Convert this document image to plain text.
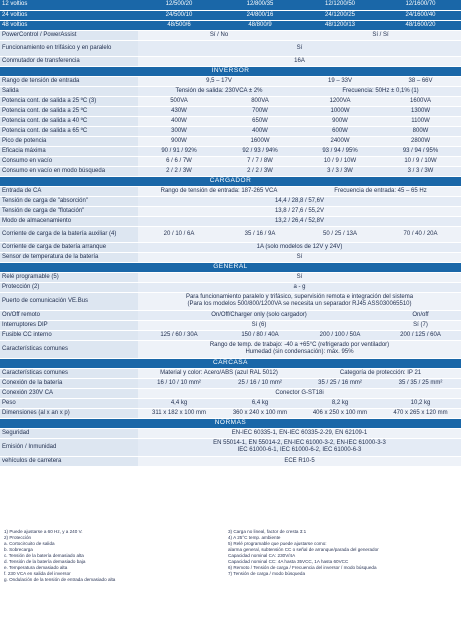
12 voltios	12/500/20	12/800/35	12/1200/50	12/1600/70
24 voltios	24/500/10	24/800/16	24/1200/25	24/1600/40
48 voltios	48/500/6	48/800/9	48/1200/13	48/1600/20
PowerControl / PowerAssist	Sí / No		Sí / Sí	
Funcionamiento en trifásico y en paralelo	Sí			
Conmutador de transferencia	16A			
INVERSOR				
Rango de tensión de entrada	9,5 – 17V		19 – 33V	38 – 66V
Salida	Tensión de salida: 230VCA ± 2%		Frecuencia: 50Hz ± 0,1% (1)	
Potencia cont. de salida a 25 ºC (3)	500VA	800VA	1200VA	1600VA
Potencia cont. de salida a 25 ºC	430W	700W	1000W	1300W
Potencia cont. de salida a 40 ºC	400W	650W	900W	1100W
Potencia cont. de salida a 65 ºC	300W	400W	600W	800W
Pico de potencia	900W	1600W	2400W	2800W
Eficacia máxima	90 / 91 / 92%	92 / 93 / 94%	93 / 94 / 95%	93 / 94 / 95%
Consumo en vacío	6 / 6 / 7W	7 / 7 / 8W	10 / 9 / 10W	10 / 9 / 10W
Consumo en vacío en modo búsqueda	2 / 2 / 3W	2 / 2 / 3W	3 / 3 / 3W	3 / 3 / 3W
CARGADOR				
Entrada de CA	Rango de tensión de entrada: 187-265 VCA		Frecuencia de entrada: 45 – 65 Hz	
Tensión de carga de "absorción"	14,4 / 28,8 / 57,6V			
Tensión de carga de "flotación"	13,8 / 27,6 / 55,2V			
Modo de almacenamiento	13,2 / 26,4 / 52,8V			
Corriente de carga de la batería auxiliar (4)	20 / 10 / 6A	35 / 16 / 9A	50 / 25 / 13A	70 / 40 / 20A
Corriente de carga de batería arranque	1A (solo modelos de 12V y 24V)			
Sensor de temperatura de la batería	Sí			
GENERAL				
Relé programable (5)	Sí			
Protección (2)	a - g			
Puerto de comunicación VE.Bus	Para funcionamiento paralelo y trifásico, supervisión remota e integración del sistema
(Para los modelos 500/800/1200VA se necesita un separador RJ45 ASS030065510)			

On/Off remoto	On/Off/Charger only (solo cargador)			On/off
Interruptores DIP	Sí (6)			Sí (7)
Fusible CC interno	125 / 60 / 30A	150 / 80 / 40A	200 / 100 / 50A	200 / 125 / 60A
Características comunes	Rango de temp. de trabajo: -40 a +65°C (refrigerado por ventilador)
Humedad (sin condensación): máx. 95%			

CARCASA				
Características comunes	Material y color: Acero/ABS (azul RAL 5012)		Categoría de protección: IP 21	
Conexión de la batería	16 / 10 / 10 mm²	25 / 16 / 10 mm²	35 / 25 / 16 mm²	35 / 35 / 25 mm²
Conexión 230V CA	Conector G-ST18i			
Peso	4,4 kg	6,4 kg	8,2 kg	10,2 kg
Dimensiones (al x an x p)	311 x 182 x 100 mm	360 x 240 x 100 mm	406 x 250 x 100 mm	470 x 265 x 120 mm
NORMAS				
Seguridad	EN-IEC 60335-1, EN-IEC 60335-2-29, EN 62109-1			
Emisión / Inmunidad	EN 55014-1, EN 55014-2, EN-IEC 61000-3-2, EN-IEC 61000-3-3
IEC 61000-6-1, IEC 61000-6-2, IEC 61000-6-3			

vehículos de carretera	ECE R10-5			
1) Puede ajustarse a 60 Hz, y a 240 V.
2) Protección
a. Cortocircuito de salida
b. Sobrecarga
c. Tensión de la batería demasiado alta
d. Tensión de la batería demasiado baja
e. Temperatura demasiado alta
f. 230 VCA en salida del inversor
g. Ondulación de la tensión de entrada demasiado alta
3) Carga no lineal, factor de cresta 3:1
4) A 25°C temp. ambiente
5) Relé programable que puede ajustarse como:
alarma general, subtensión CC o señal de arranque/parada del generador
Capacidad nominal CA: 230V/4A
Capacidad nominal CC: 4A hasta 35VCC, 1A hasta 60VCC
6) Remoto / Tensión de carga / Frecuencia del inversor / modo búsqueda
7) Tensión de carga / modo búsqueda
